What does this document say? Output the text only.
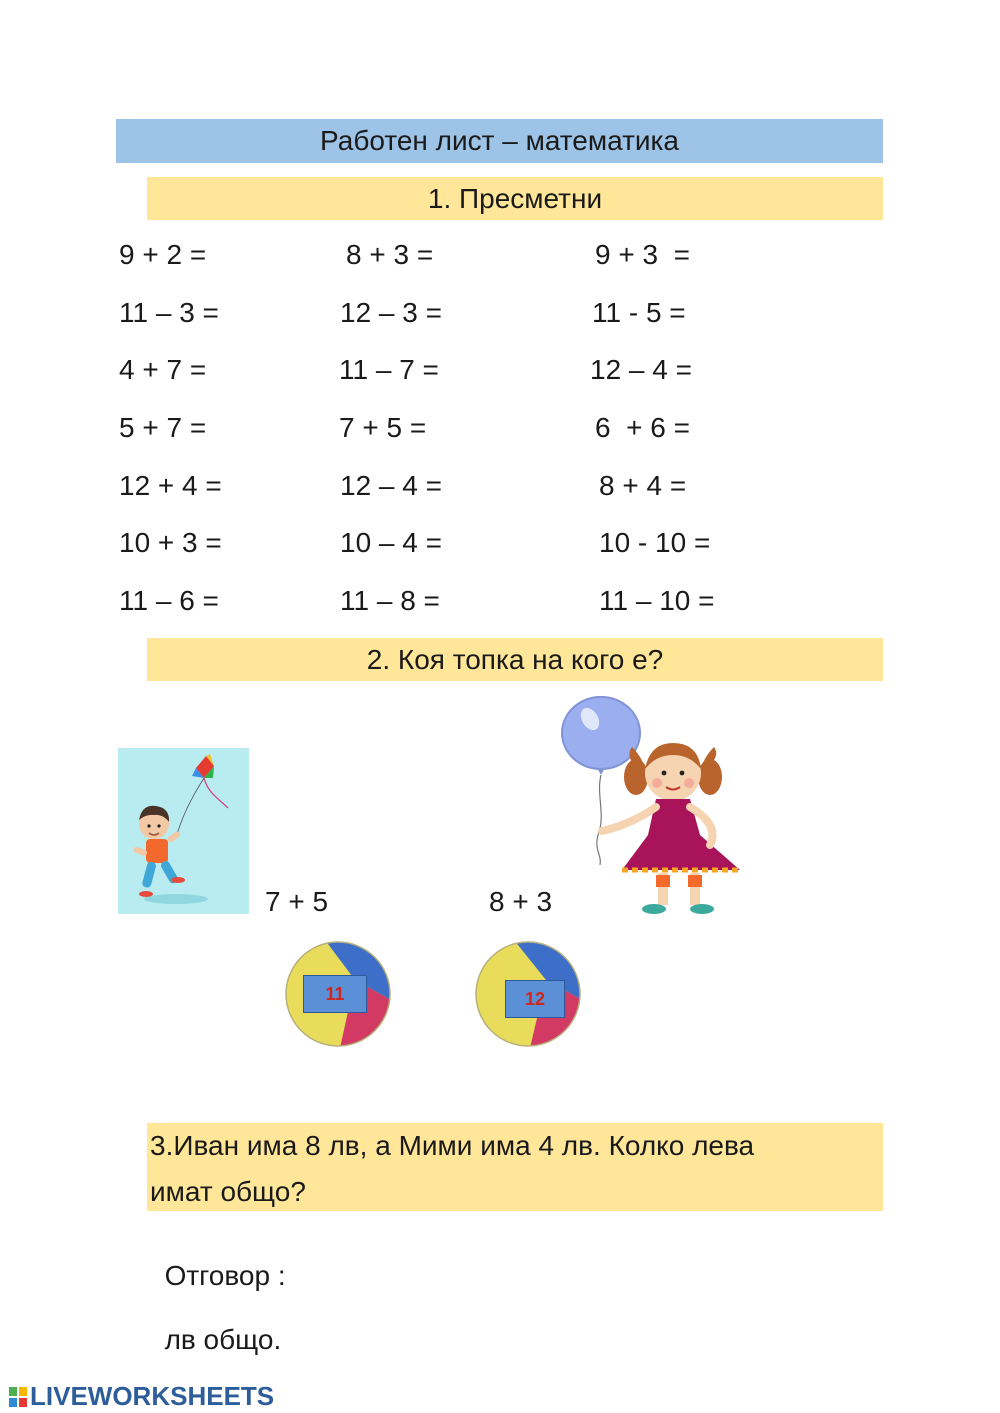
Работен лист – математика
1. Пресметни
9 + 2 =	8 + 3 =	9 + 3  =
11 – 3 =	12 – 3 =	11 - 5 =
4 + 7 =	11 – 7 =	12 – 4 =
5 + 7 =	7 + 5 =	6  + 6 =
12 + 4 =	12 – 4 =	8 + 4 =
10 + 3 =	10 – 4 =	10 - 10 =
11 – 6 =	11 – 8 =	11 – 10 =
2. Коя топка на кого е?
7 + 5	8 + 3
11	12
3.Иван има 8 лв, а Мими има 4 лв. Колко лева
имат общо?

Отговор :

лв общо.

LIVEWORKSHEETS
